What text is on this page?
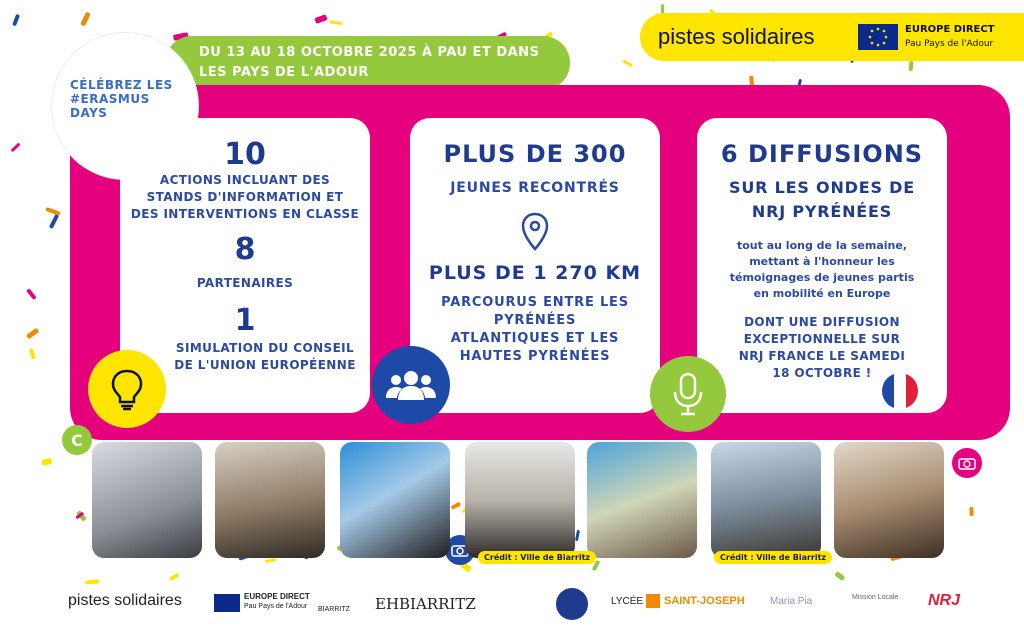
DU 13 AU 18 OCTOBRE 2025 À PAU ET DANS
LES PAYS DE L'ADOUR
pistes solidaires	EUROPE DIRECT
Pau Pays de l'Adour
CÉLÉBREZ LES
#ERASMUS
DAYS
10
ACTIONS INCLUANT DES
STANDS D'INFORMATION ET
DES INTERVENTIONS EN CLASSE
8
PARTENAIRES
1
SIMULATION DU CONSEIL
DE L'UNION EUROPÉENNE
PLUS DE 300
JEUNES RECONTRÉS
PLUS DE 1 270 KM
PARCOURUS ENTRE LES
PYRÉNÉES
ATLANTIQUES ET LES
HAUTES PYRÉNÉES
6 DIFFUSIONS
SUR LES ONDES DE
NRJ PYRÉNÉES
tout au long de la semaine,
mettant à l'honneur les
témoignages de jeunes partis
en mobilité en Europe
DONT UNE DIFFUSION
EXCEPTIONNELLE SUR
NRJ FRANCE LE SAMEDI
18 OCTOBRE !
C
Crédit : Ville de Biarritz	Crédit : Ville de Biarritz
pistes solidaires	EUROPE DIRECT
Pau Pays de l'Adour BIARRITZ EHBIARRITZ	LYCÉE SAINT-JOSEPH	Maria Pia	Mission Locale NRJ
